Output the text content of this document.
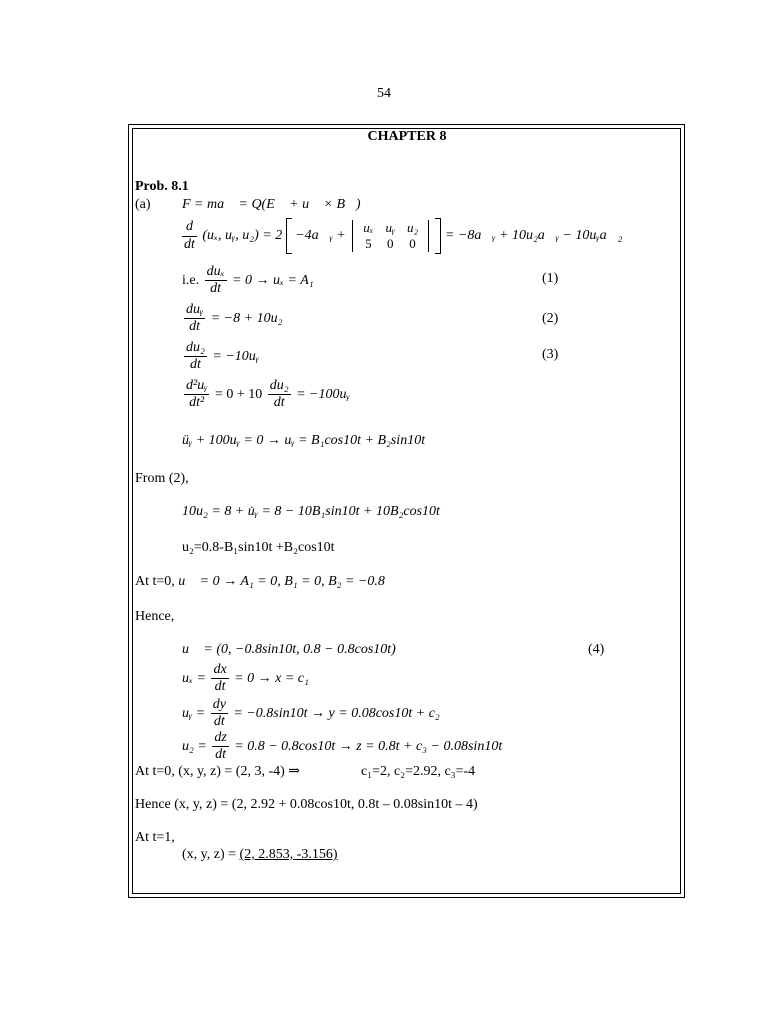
54
CHAPTER 8
Prob. 8.1
(a) F = ma⃗ = Q(E⃗ + u⃗ × B⃗)
$\frac{d}{dt} (u_x$, uᵧ, u₂) = 2 −4a⃗ᵧ +
uₓ	uᵧ	u₂
5	0	0
= −8a⃗ᵧ + 10u₂a⃗ᵧ − 10uᵧa⃗₂
i.e. $\frac{\text{duₓ}}{dt} = 0 \to u_x = A_1$	(1)
$\frac{\text{duᵧ}}{dt} = -8 + 10u_2$	(2)
$\frac{\text{du₂}}{dt}$ = −10uᵧ	(3)
$\frac{\text{d²uᵧ}}{\text{dt²}} = 0 + 10 \frac{\text{du₂}}{dt}$ = −100uᵧ
üᵧ + 100uᵧ = 0 → uᵧ = B₁cos10t + B₂sin10t
From (2),
10u₂ = 8 + u̇ᵧ = 8 − 10B₁sin10t + 10B₂cos10t
u₂=0.8-B₁sin10t +B₂cos10t
At t=0, u⃗ = 0 → A₁ = 0, B₁ = 0, B₂ = −0.8
Hence,
u⃗ = (0, −0.8sin10t, 0.8 − 0.8cos10t)	(4)
$u_x = \frac{dx}{dt} = 0 \to x = c_1$
uᵧ = $\frac{dy}{dt} = -0.8\sin 10t \to y = 0.08\cos 10t + c_2$
$u_2 = \frac{dz}{dt} = 0.8 - 0.8\cos 10t \to z = 0.8t + c_3 - 0.08\sin 10t$
At t=0, (x, y, z) = (2, 3, -4) ⇒	c₁=2, c₂=2.92, c₃=-4
Hence (x, y, z) = (2, 2.92 + 0.08cos10t, 0.8t – 0.08sin10t – 4)
At t=1,
(x, y, z) = (2, 2.853, -3.156)
